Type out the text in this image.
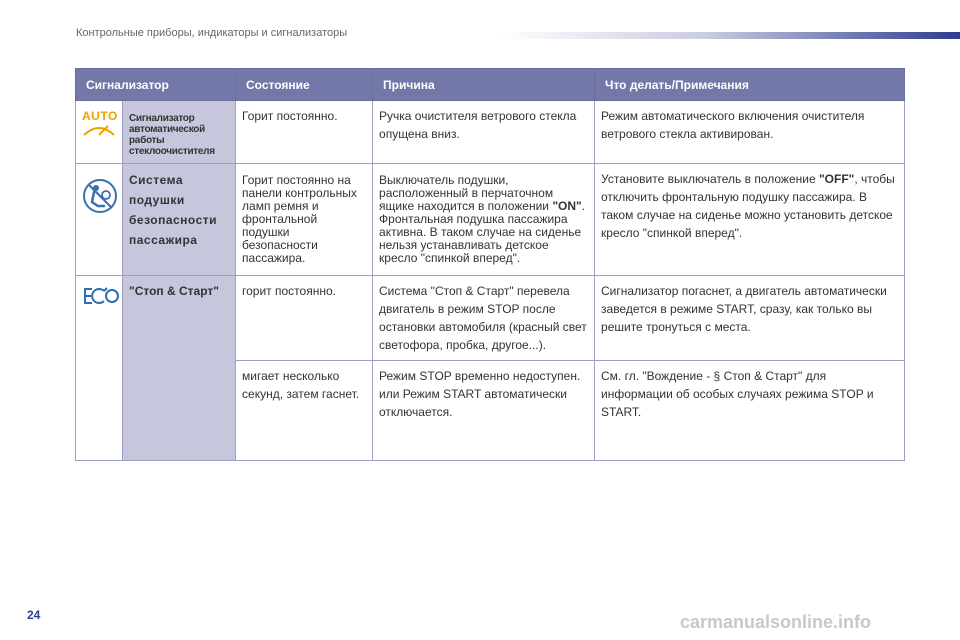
Контрольные приборы, индикаторы и сигнализаторы
Сигнализатор		Состояние	Причина	Что делать/Примечания

AUTO	Сигнализатор автоматической работы стеклоочистителя	Горит постоянно.	Ручка очистителя ветрового стекла опущена вниз.	Режим автоматического включения очистителя ветрового стекла активирован.

Система подушки безопасности пассажира	Горит постоянно на панели контрольных ламп ремня и фронтальной подушки безопасности пассажира.	Выключатель подушки, расположенный в перчаточном ящике находится в положении "ON". Фронтальная подушка пассажира активна. В таком случае на сиденье нельзя устанавливать детское кресло "спинкой вперед".	Установите выключатель в положение "OFF", чтобы отключить фронтальную подушку пассажира. В таком случае на сиденье можно установить детское кресло "спинкой вперед".

"Стоп & Старт"	горит постоянно.	Система "Стоп & Старт" перевела двигатель в режим STOP после остановки автомобиля (красный свет светофора, пробка, другое...).	Сигнализатор погаснет, а двигатель автоматически заведется в режиме START, сразу, как только вы решите тронуться с места.
		мигает несколько секунд, затем гаснет.	Режим STOP временно недоступен. или Режим START автоматически отключается.	См. гл. "Вождение - § Стоп & Старт" для информации об особых случаях режима STOP и START.
24	carmanualsonline.info
